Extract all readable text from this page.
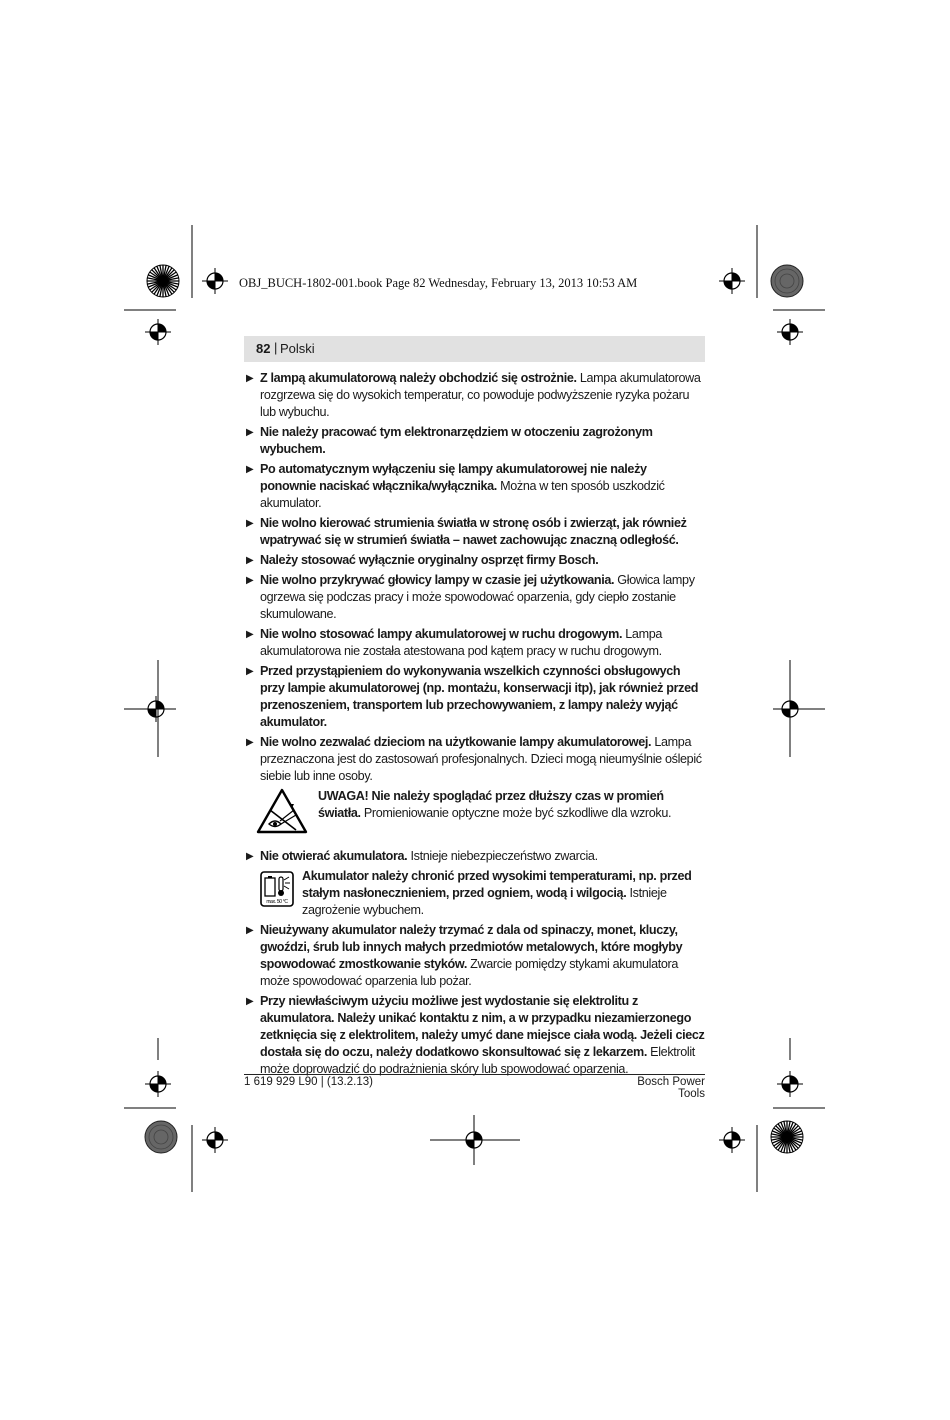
OBJ_BUCH-1802-001.book Page 82 Wednesday, February 13, 2013 10:53 AM
82 | Polski
▶ Z lampą akumulatorową należy obchodzić się ostrożnie. Lampa akumulatorowa rozgrzewa się do wysokich temperatur, co powoduje podwyższenie ryzyka pożaru lub wybuchu.
▶ Nie należy pracować tym elektronarzędziem w otoczeniu zagrożonym wybuchem.
▶ Po automatycznym wyłączeniu się lampy akumulatorowej nie należy ponownie naciskać włącznika/wyłącznika. Można w ten sposób uszkodzić akumulator.
▶ Nie wolno kierować strumienia światła w stronę osób i zwierząt, jak również wpatrywać się w strumień światła – nawet zachowując znaczną odległość.
▶ Należy stosować wyłącznie oryginalny osprzęt firmy Bosch.
▶ Nie wolno przykrywać głowicy lampy w czasie jej użytkowania. Głowica lampy ogrzewa się podczas pracy i może spowodować oparzenia, gdy ciepło zostanie skumulowane.
▶ Nie wolno stosować lampy akumulatorowej w ruchu drogowym. Lampa akumulatorowa nie została atestowana pod kątem pracy w ruchu drogowym.
▶ Przed przystąpieniem do wykonywania wszelkich czynności obsługowych przy lampie akumulatorowej (np. montażu, konserwacji itp), jak również przed przenoszeniem, transportem lub przechowywaniem, z lampy należy wyjąć akumulator.
▶ Nie wolno zezwalać dzieciom na użytkowanie lampy akumulatorowej. Lampa przeznaczona jest do zastosowań profesjonalnych. Dzieci mogą nieumyślnie oślepić siebie lub inne osoby.
UWAGA! Nie należy spoglądać przez dłuższy czas w promień światła. Promieniowanie optyczne może być szkodliwe dla wzroku.
▶ Nie otwierać akumulatora. Istnieje niebezpieczeństwo zwarcia.
max. 50 °C
Akumulator należy chronić przed wysokimi temperaturami, np. przed stałym nasłonecznieniem, przed ogniem, wodą i wilgocią. Istnieje zagrożenie wybuchem.
▶ Nieużywany akumulator należy trzymać z dala od spinaczy, monet, kluczy, gwoździ, śrub lub innych małych przedmiotów metalowych, które mogłyby spowodować zmostkowanie styków. Zwarcie pomiędzy stykami akumulatora może spowodować oparzenia lub pożar.
▶ Przy niewłaściwym użyciu możliwe jest wydostanie się elektrolitu z akumulatora. Należy unikać kontaktu z nim, a w przypadku niezamierzonego zetknięcia się z elektrolitem, należy umyć dane miejsce ciała wodą. Jeżeli ciecz dostała się do oczu, należy dodatkowo skonsultować się z lekarzem. Elektrolit może doprowadzić do podrażnienia skóry lub spowodować oparzenia.
1 619 929 L90 | (13.2.13)	Bosch Power Tools
